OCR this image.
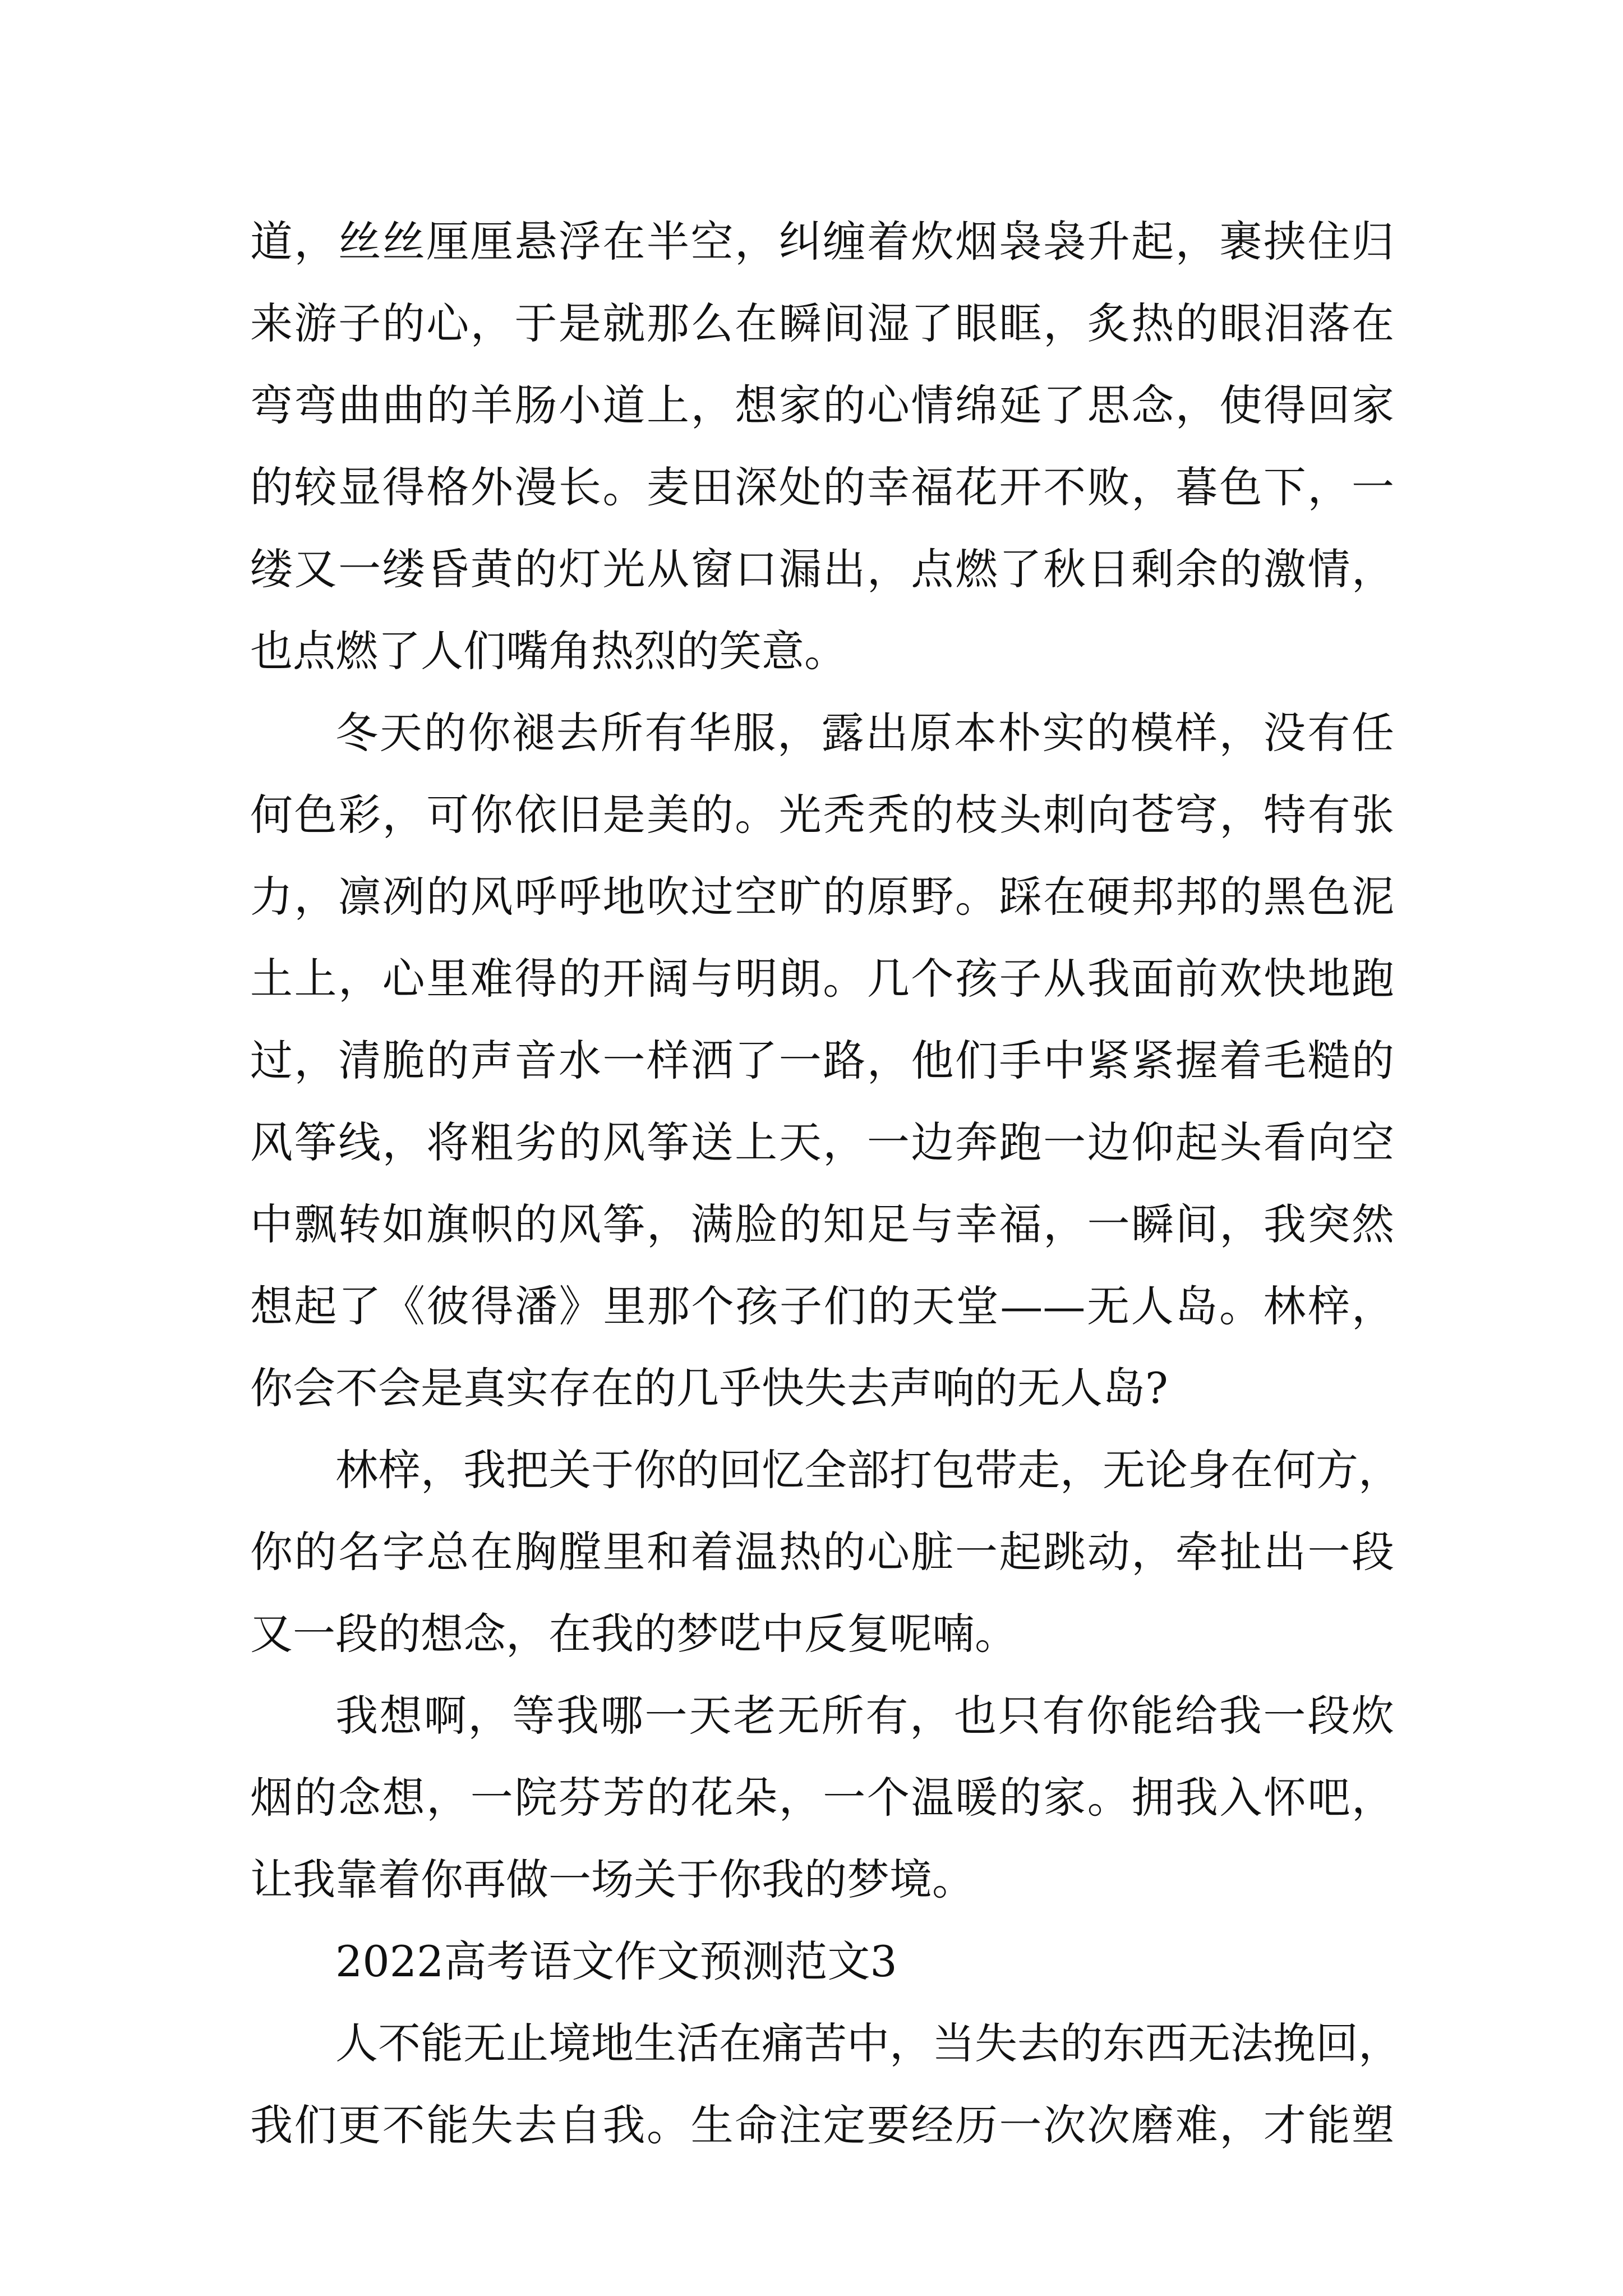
道，丝丝厘厘悬浮在半空，纠缠着炊烟袅袅升起，裹挟住归
来游子的心，于是就那么在瞬间湿了眼眶，炙热的眼泪落在
弯弯曲曲的羊肠小道上，想家的心情绵延了思念，使得回家
的较显得格外漫长。麦田深处的幸福花开不败，暮色下，一
缕又一缕昏黄的灯光从窗口漏出，点燃了秋日剩余的激情，
也点燃了人们嘴角热烈的笑意。
冬天的你褪去所有华服，露出原本朴实的模样，没有任
何色彩，可你依旧是美的。光秃秃的枝头刺向苍穹，特有张
力，凛冽的风呼呼地吹过空旷的原野。踩在硬邦邦的黑色泥
土上，心里难得的开阔与明朗。几个孩子从我面前欢快地跑
过，清脆的声音水一样洒了一路，他们手中紧紧握着毛糙的
风筝线，将粗劣的风筝送上天，一边奔跑一边仰起头看向空
中飘转如旗帜的风筝，满脸的知足与幸福，一瞬间，我突然
想起了《彼得潘》里那个孩子们的天堂——无人岛。林梓，
你会不会是真实存在的几乎快失去声响的无人岛?
林梓，我把关于你的回忆全部打包带走，无论身在何方，
你的名字总在胸膛里和着温热的心脏一起跳动，牵扯出一段
又一段的想念，在我的梦呓中反复呢喃。
我想啊，等我哪一天老无所有，也只有你能给我一段炊
烟的念想，一院芬芳的花朵，一个温暖的家。拥我入怀吧，
让我靠着你再做一场关于你我的梦境。
2022高考语文作文预测范文3
人不能无止境地生活在痛苦中，当失去的东西无法挽回，
我们更不能失去自我。生命注定要经历一次次磨难，才能塑
